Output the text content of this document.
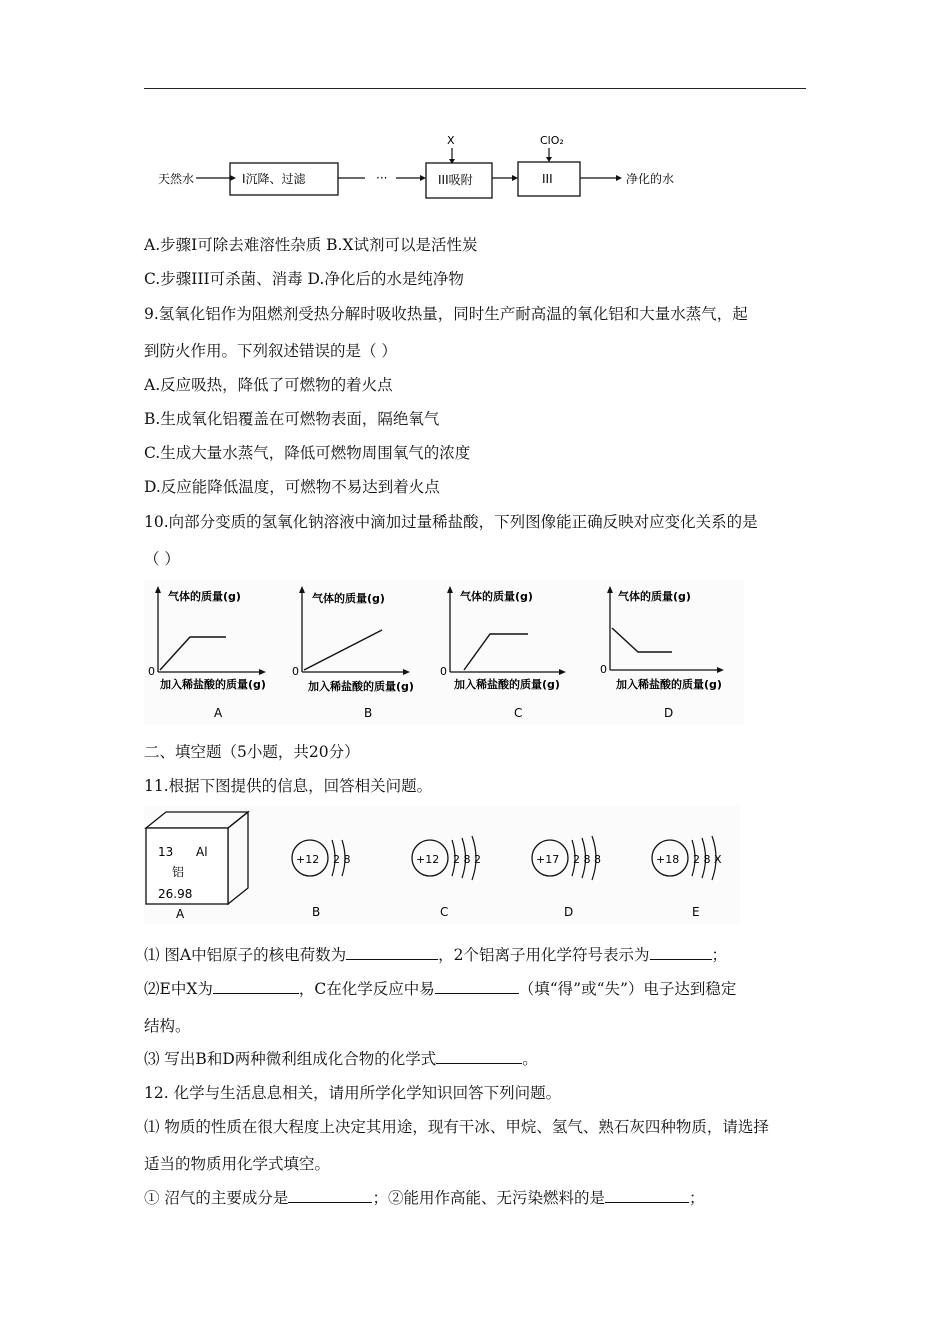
天然水	I沉降、过滤	···
X
III吸附
ClO₂
III	净化的水
A.步骤I可除去难溶性杂质 B.X试剂可以是活性炭
C.步骤III可杀菌、消毒 D.净化后的水是纯净物
9.氢氧化铝作为阻燃剂受热分解时吸收热量，同时生产耐高温的氧化铝和大量水蒸气，起
到防火作用。下列叙述错误的是（ ）
A.反应吸热，降低了可燃物的着火点
B.生成氧化铝覆盖在可燃物表面，隔绝氧气
C.生成大量水蒸气，降低可燃物周围氧气的浓度
D.反应能降低温度，可燃物不易达到着火点
10.向部分变质的氢氧化钠溶液中滴加过量稀盐酸，下列图像能正确反映对应变化关系的是
（ ）
气体的质量(g)
0
加入稀盐酸的质量(g)
A
气体的质量(g)
0
加入稀盐酸的质量(g)
B
气体的质量(g)
0
加入稀盐酸的质量(g)
C
气体的质量(g)
0
加入稀盐酸的质量(g)
D
二、填空题（5小题，共20分）
11.根据下图提供的信息，回答相关问题。
13 Al
铝
26.98
A
+12 2 8
B
+12 2 8 2
C
+17 2 8 8
D
+18 2 8 X
E
⑴ 图A中铝原子的核电荷数为	，2个铝离子用化学符号表示为	；
⑵E中X为	，C在化学反应中易	（填“得”或“失”）电子达到稳定
结构。
⑶ 写出B和D两种微利组成化合物的化学式	。
12. 化学与生活息息相关，请用所学化学知识回答下列问题。
⑴ 物质的性质在很大程度上决定其用途，现有干冰、甲烷、氢气、熟石灰四种物质，请选择
适当的物质用化学式填空。
① 沼气的主要成分是	；②能用作高能、无污染燃料的是	；
